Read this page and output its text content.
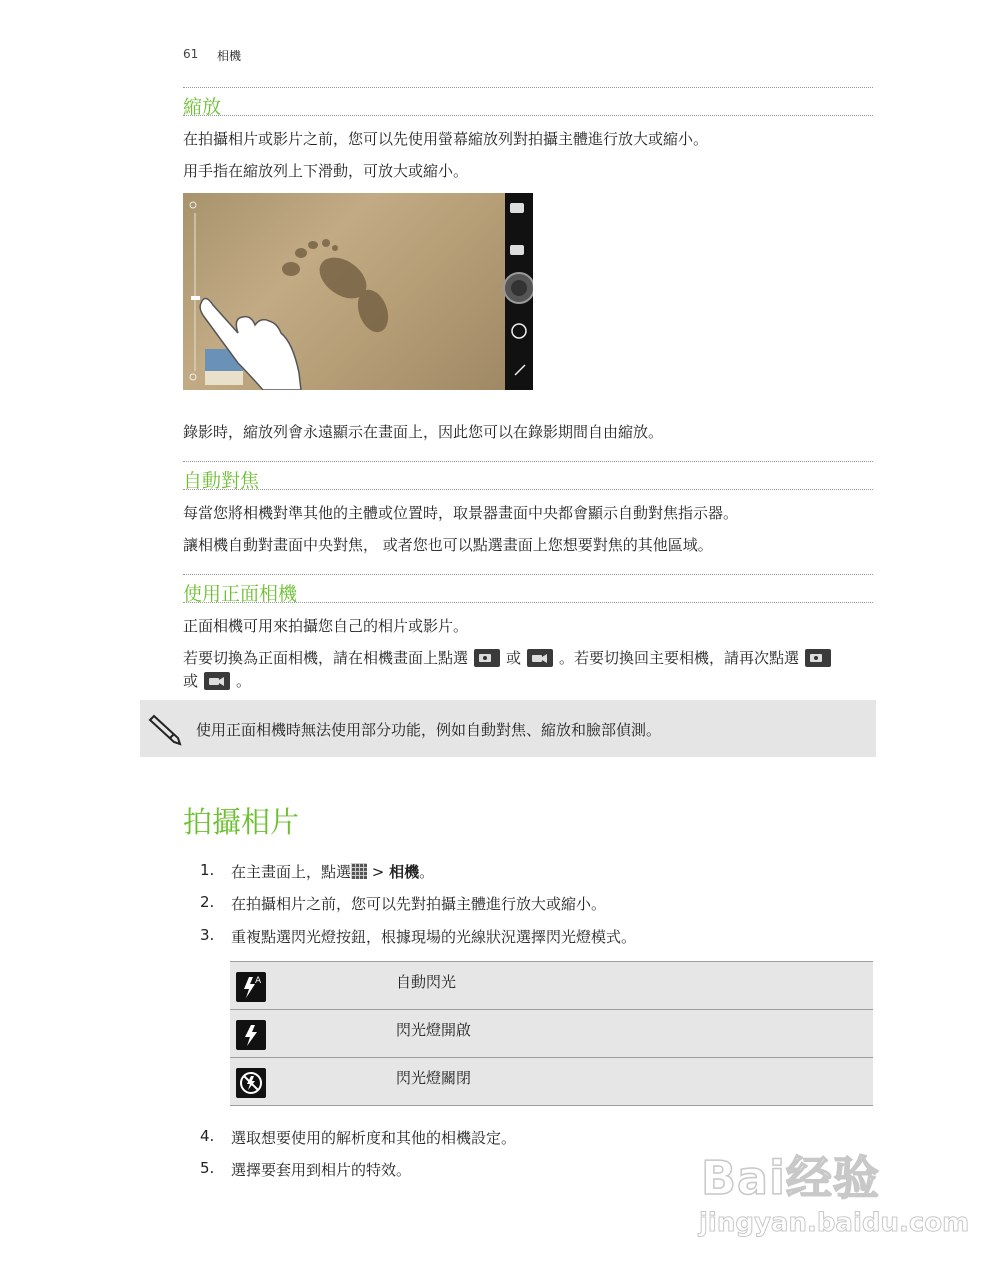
61 相機
縮放
在拍攝相片或影片之前，您可以先使用螢幕縮放列對拍攝主體進行放大或縮小。
用手指在縮放列上下滑動，可放大或縮小。
錄影時，縮放列會永遠顯示在畫面上，因此您可以在錄影期間自由縮放。
自動對焦
每當您將相機對準其他的主體或位置時，取景器畫面中央都會顯示自動對焦指示器。
讓相機自動對畫面中央對焦， 或者您也可以點選畫面上您想要對焦的其他區域。
使用正面相機
正面相機可用來拍攝您自己的相片或影片。
若要切換為正面相機，請在相機畫面上點選	或	。若要切換回主要相機，請再次點選
或	。
使用正面相機時無法使用部分功能，例如自動對焦、縮放和臉部偵測。
拍攝相片
1. 在主畫面上，點選 > 相機。
2. 在拍攝相片之前，您可以先對拍攝主體進行放大或縮小。
3. 重複點選閃光燈按鈕，根據現場的光線狀況選擇閃光燈模式。
A	自動閃光
閃光燈開啟
閃光燈關閉
4. 選取想要使用的解析度和其他的相機設定。
5. 選擇要套用到相片的特效。	Bai经验
jingyan.baidu.com
